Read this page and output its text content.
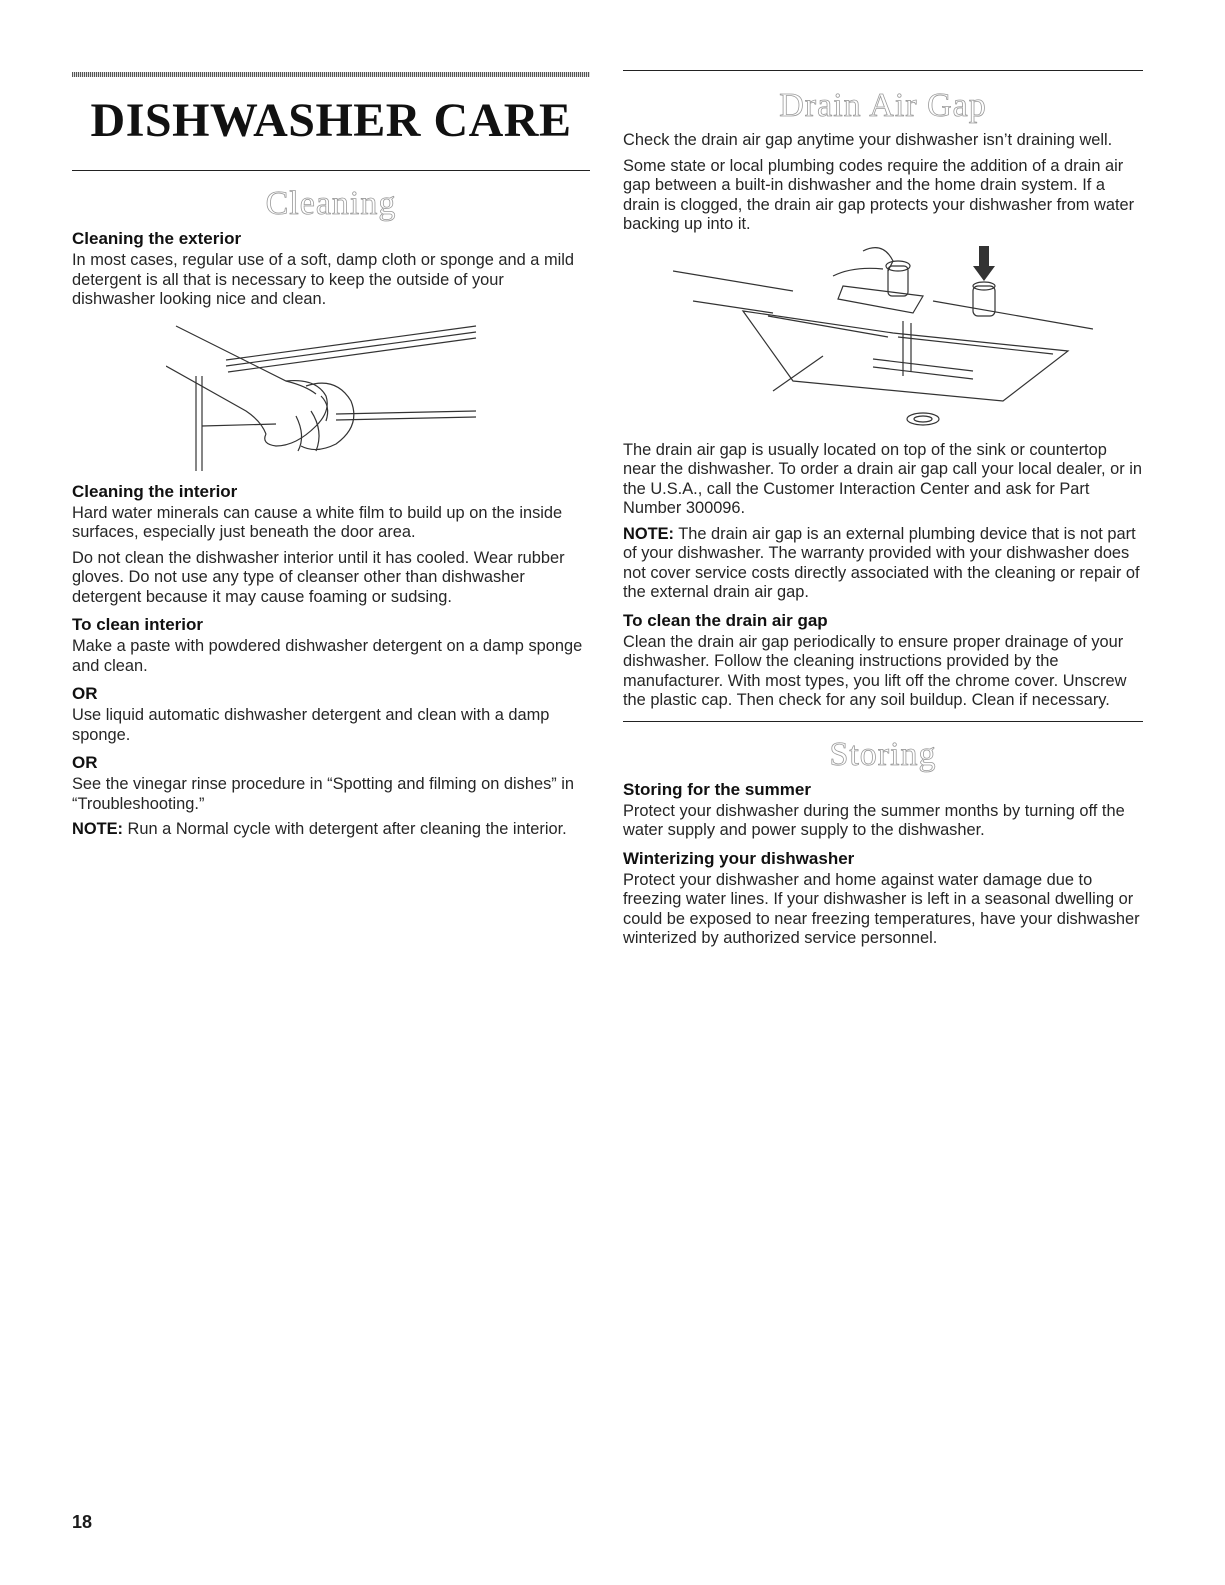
DISHWASHER CARE
Cleaning
Cleaning the exterior

In most cases, regular use of a soft, damp cloth or sponge and a mild detergent is all that is necessary to keep the outside of your dishwasher looking nice and clean.

Cleaning the interior

Hard water minerals can cause a white film to build up on the inside surfaces, especially just beneath the door area.

Do not clean the dishwasher interior until it has cooled. Wear rubber gloves. Do not use any type of cleanser other than dishwasher detergent because it may cause foaming or sudsing.

To clean interior

Make a paste with powdered dishwasher detergent on a damp sponge and clean.

OR

Use liquid automatic dishwasher detergent and clean with a damp sponge.

OR

See the vinegar rinse procedure in “Spotting and filming on dishes” in “Troubleshooting.”

NOTE: Run a Normal cycle with detergent after cleaning the interior.

Drain Air Gap

Check the drain air gap anytime your dishwasher isn’t draining well.

Some state or local plumbing codes require the addition of a drain air gap between a built-in dishwasher and the home drain system. If a drain is clogged, the drain air gap protects your dishwasher from water backing up into it.

The drain air gap is usually located on top of the sink or countertop near the dishwasher. To order a drain air gap call your local dealer, or in the U.S.A., call the Customer Interaction Center and ask for Part Number 300096.

NOTE: The drain air gap is an external plumbing device that is not part of your dishwasher. The warranty provided with your dishwasher does not cover service costs directly associated with the cleaning or repair of the external drain air gap.

To clean the drain air gap

Clean the drain air gap periodically to ensure proper drainage of your dishwasher. Follow the cleaning instructions provided by the manufacturer. With most types, you lift off the chrome cover. Unscrew the plastic cap. Then check for any soil buildup. Clean if necessary.

Storing
Storing for the summer

Protect your dishwasher during the summer months by turning off the water supply and power supply to the dishwasher.

Winterizing your dishwasher

Protect your dishwasher and home against water damage due to freezing water lines. If your dishwasher is left in a seasonal dwelling or could be exposed to near freezing temperatures, have your dishwasher winterized by authorized service personnel.

18
